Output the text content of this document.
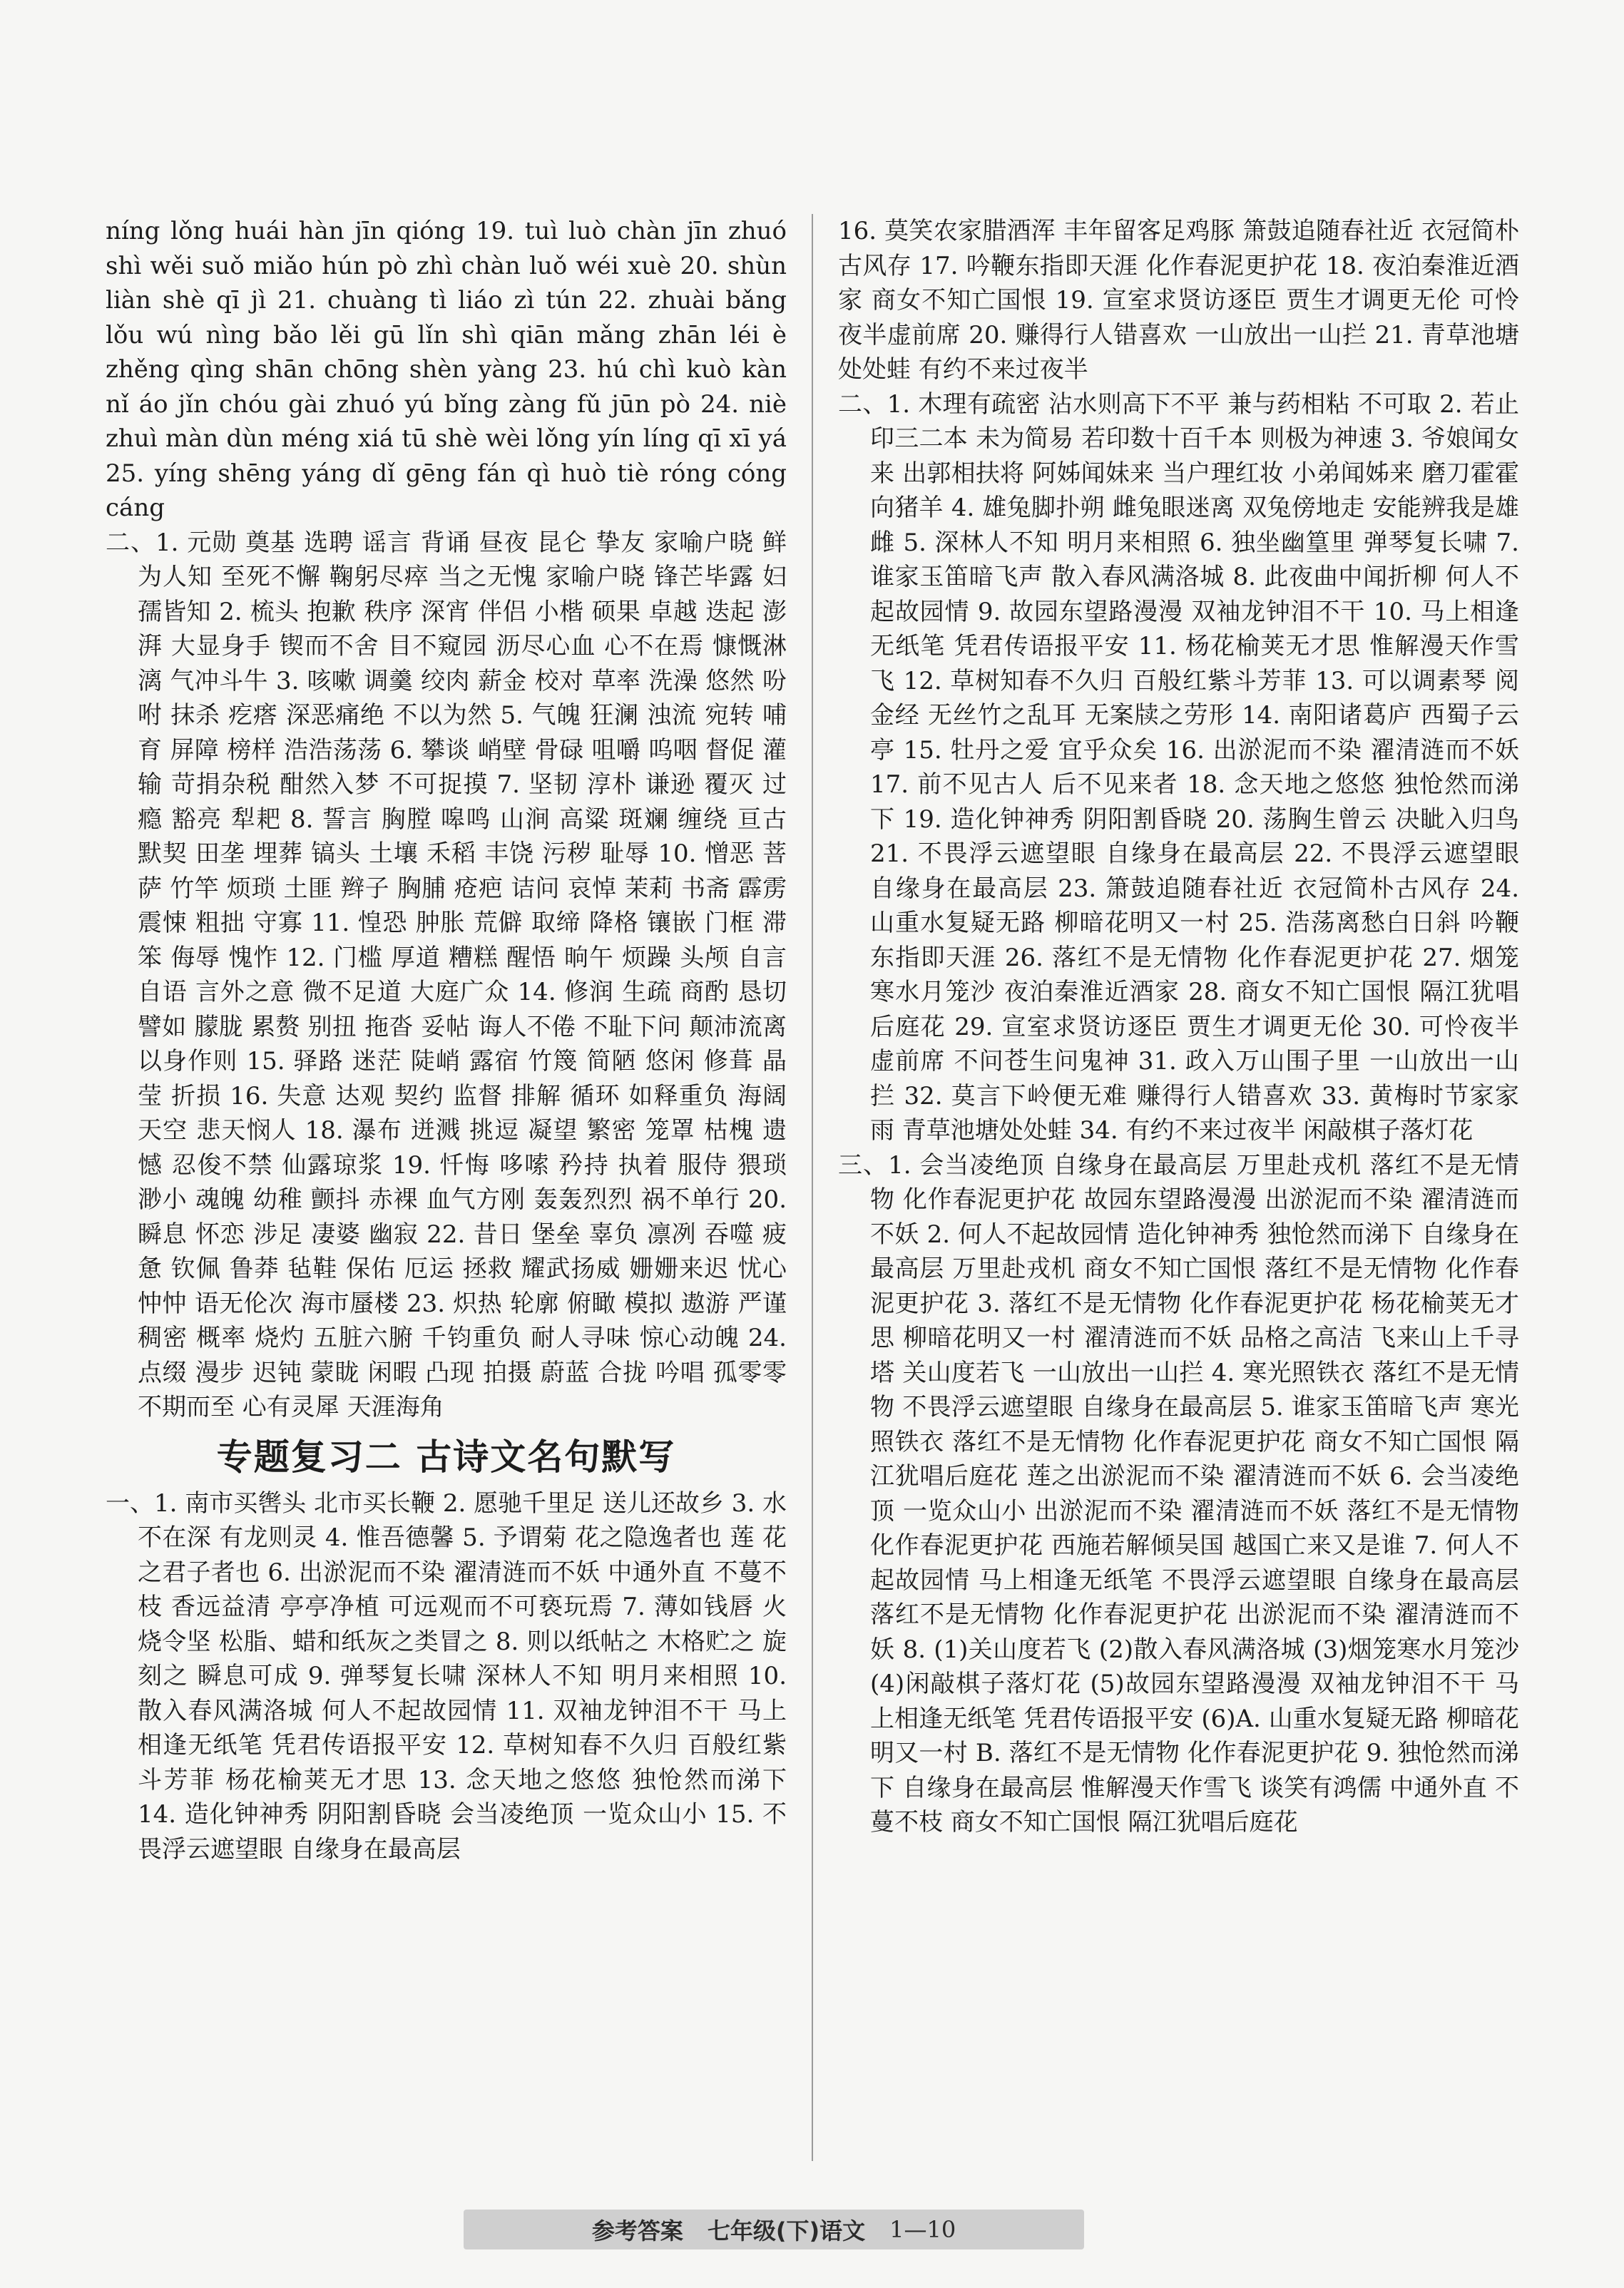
níng lǒng huái hàn jīn qióng 19. tuì luò chàn jīn zhuó shì wěi suǒ miǎo hún pò zhì chàn luǒ wéi xuè 20. shùn liàn shè qī jì 21. chuàng tì liáo zì tún 22. zhuài bǎng lǒu wú nìng bǎo lěi gū lǐn shì qiān mǎng zhān léi è zhěng qìng shān chōng shèn yàng 23. hú chì kuò kàn nǐ áo jǐn chóu gài zhuó yú bǐng zàng fǔ jūn pò 24. niè zhuì màn dùn méng xiá tū shè wèi lǒng yín líng qī xī yá 25. yíng shēng yáng dǐ gēng fán qì huò tiè róng cóng cáng

二、1. 元勋 奠基 选聘 谣言 背诵 昼夜 昆仑 挚友 家喻户晓 鲜为人知 至死不懈 鞠躬尽瘁 当之无愧 家喻户晓 锋芒毕露 妇孺皆知 2. 梳头 抱歉 秩序 深宵 伴侣 小楷 硕果 卓越 迭起 澎湃 大显身手 锲而不舍 目不窥园 沥尽心血 心不在焉 慷慨淋漓 气冲斗牛 3. 咳嗽 调羹 绞肉 薪金 校对 草率 洗澡 悠然 吩咐 抹杀 疙瘩 深恶痛绝 不以为然 5. 气魄 狂澜 浊流 宛转 哺育 屏障 榜样 浩浩荡荡 6. 攀谈 峭壁 骨碌 咀嚼 呜咽 督促 灌输 苛捐杂税 酣然入梦 不可捉摸 7. 坚韧 淳朴 谦逊 覆灭 过瘾 豁亮 犁耙 8. 誓言 胸膛 嗥鸣 山涧 高粱 斑斓 缠绕 亘古 默契 田垄 埋葬 镐头 土壤 禾稻 丰饶 污秽 耻辱 10. 憎恶 菩萨 竹竿 烦琐 土匪 辫子 胸脯 疮疤 诘问 哀悼 茉莉 书斋 霹雳 震悚 粗拙 守寡 11. 惶恐 肿胀 荒僻 取缔 降格 镶嵌 门框 滞笨 侮辱 愧怍 12. 门槛 厚道 糟糕 醒悟 晌午 烦躁 头颅 自言自语 言外之意 微不足道 大庭广众 14. 修润 生疏 商酌 恳切 譬如 朦胧 累赘 别扭 拖沓 妥帖 诲人不倦 不耻下问 颠沛流离 以身作则 15. 驿路 迷茫 陡峭 露宿 竹篾 简陋 悠闲 修葺 晶莹 折损 16. 失意 达观 契约 监督 排解 循环 如释重负 海阔天空 悲天悯人 18. 瀑布 迸溅 挑逗 凝望 繁密 笼罩 枯槐 遗憾 忍俊不禁 仙露琼浆 19. 忏悔 哆嗦 矜持 执着 服侍 猥琐 渺小 魂魄 幼稚 颤抖 赤裸 血气方刚 轰轰烈烈 祸不单行 20. 瞬息 怀恋 涉足 凄婆 幽寂 22. 昔日 堡垒 辜负 凛冽 吞噬 疲惫 钦佩 鲁莽 毡鞋 保佑 厄运 拯救 耀武扬威 姗姗来迟 忧心忡忡 语无伦次 海市蜃楼 23. 炽热 轮廓 俯瞰 模拟 遨游 严谨 稠密 概率 烧灼 五脏六腑 千钧重负 耐人寻味 惊心动魄 24. 点缀 漫步 迟钝 蒙眬 闲暇 凸现 拍摄 蔚蓝 合拢 吟唱 孤零零 不期而至 心有灵犀 天涯海角

专题复习二 古诗文名句默写

一、1. 南市买辔头 北市买长鞭 2. 愿驰千里足 送儿还故乡 3. 水不在深 有龙则灵 4. 惟吾德馨 5. 予谓菊 花之隐逸者也 莲 花之君子者也 6. 出淤泥而不染 濯清涟而不妖 中通外直 不蔓不枝 香远益清 亭亭净植 可远观而不可亵玩焉 7. 薄如钱唇 火烧令坚 松脂、蜡和纸灰之类冒之 8. 则以纸帖之 木格贮之 旋刻之 瞬息可成 9. 弹琴复长啸 深林人不知 明月来相照 10. 散入春风满洛城 何人不起故园情 11. 双袖龙钟泪不干 马上相逢无纸笔 凭君传语报平安 12. 草树知春不久归 百般红紫斗芳菲 杨花榆荚无才思 13. 念天地之悠悠 独怆然而涕下 14. 造化钟神秀 阴阳割昏晓 会当凌绝顶 一览众山小 15. 不畏浮云遮望眼 自缘身在最高层

16. 莫笑农家腊酒浑 丰年留客足鸡豚 箫鼓追随春社近 衣冠简朴古风存 17. 吟鞭东指即天涯 化作春泥更护花 18. 夜泊秦淮近酒家 商女不知亡国恨 19. 宣室求贤访逐臣 贾生才调更无伦 可怜夜半虚前席 20. 赚得行人错喜欢 一山放出一山拦 21. 青草池塘处处蛙 有约不来过夜半

二、1. 木理有疏密 沾水则高下不平 兼与药相粘 不可取 2. 若止印三二本 未为简易 若印数十百千本 则极为神速 3. 爷娘闻女来 出郭相扶将 阿姊闻妹来 当户理红妆 小弟闻姊来 磨刀霍霍向猪羊 4. 雄兔脚扑朔 雌兔眼迷离 双兔傍地走 安能辨我是雄雌 5. 深林人不知 明月来相照 6. 独坐幽篁里 弹琴复长啸 7. 谁家玉笛暗飞声 散入春风满洛城 8. 此夜曲中闻折柳 何人不起故园情 9. 故园东望路漫漫 双袖龙钟泪不干 10. 马上相逢无纸笔 凭君传语报平安 11. 杨花榆荚无才思 惟解漫天作雪飞 12. 草树知春不久归 百般红紫斗芳菲 13. 可以调素琴 阅金经 无丝竹之乱耳 无案牍之劳形 14. 南阳诸葛庐 西蜀子云亭 15. 牡丹之爱 宜乎众矣 16. 出淤泥而不染 濯清涟而不妖 17. 前不见古人 后不见来者 18. 念天地之悠悠 独怆然而涕下 19. 造化钟神秀 阴阳割昏晓 20. 荡胸生曾云 决眦入归鸟 21. 不畏浮云遮望眼 自缘身在最高层 22. 不畏浮云遮望眼 自缘身在最高层 23. 箫鼓追随春社近 衣冠简朴古风存 24. 山重水复疑无路 柳暗花明又一村 25. 浩荡离愁白日斜 吟鞭东指即天涯 26. 落红不是无情物 化作春泥更护花 27. 烟笼寒水月笼沙 夜泊秦淮近酒家 28. 商女不知亡国恨 隔江犹唱后庭花 29. 宣室求贤访逐臣 贾生才调更无伦 30. 可怜夜半虚前席 不问苍生问鬼神 31. 政入万山围子里 一山放出一山拦 32. 莫言下岭便无难 赚得行人错喜欢 33. 黄梅时节家家雨 青草池塘处处蛙 34. 有约不来过夜半 闲敲棋子落灯花

三、1. 会当凌绝顶 自缘身在最高层 万里赴戎机 落红不是无情物 化作春泥更护花 故园东望路漫漫 出淤泥而不染 濯清涟而不妖 2. 何人不起故园情 造化钟神秀 独怆然而涕下 自缘身在最高层 万里赴戎机 商女不知亡国恨 落红不是无情物 化作春泥更护花 3. 落红不是无情物 化作春泥更护花 杨花榆荚无才思 柳暗花明又一村 濯清涟而不妖 品格之高洁 飞来山上千寻塔 关山度若飞 一山放出一山拦 4. 寒光照铁衣 落红不是无情物 不畏浮云遮望眼 自缘身在最高层 5. 谁家玉笛暗飞声 寒光照铁衣 落红不是无情物 化作春泥更护花 商女不知亡国恨 隔江犹唱后庭花 莲之出淤泥而不染 濯清涟而不妖 6. 会当凌绝顶 一览众山小 出淤泥而不染 濯清涟而不妖 落红不是无情物 化作春泥更护花 西施若解倾吴国 越国亡来又是谁 7. 何人不起故园情 马上相逢无纸笔 不畏浮云遮望眼 自缘身在最高层 落红不是无情物 化作春泥更护花 出淤泥而不染 濯清涟而不妖 8. (1)关山度若飞 (2)散入春风满洛城 (3)烟笼寒水月笼沙 (4)闲敲棋子落灯花 (5)故园东望路漫漫 双袖龙钟泪不干 马上相逢无纸笔 凭君传语报平安 (6)A. 山重水复疑无路 柳暗花明又一村 B. 落红不是无情物 化作春泥更护花 9. 独怆然而涕下 自缘身在最高层 惟解漫天作雪飞 谈笑有鸿儒 中通外直 不蔓不枝 商女不知亡国恨 隔江犹唱后庭花

参考答案 七年级(下)语文 1—10
